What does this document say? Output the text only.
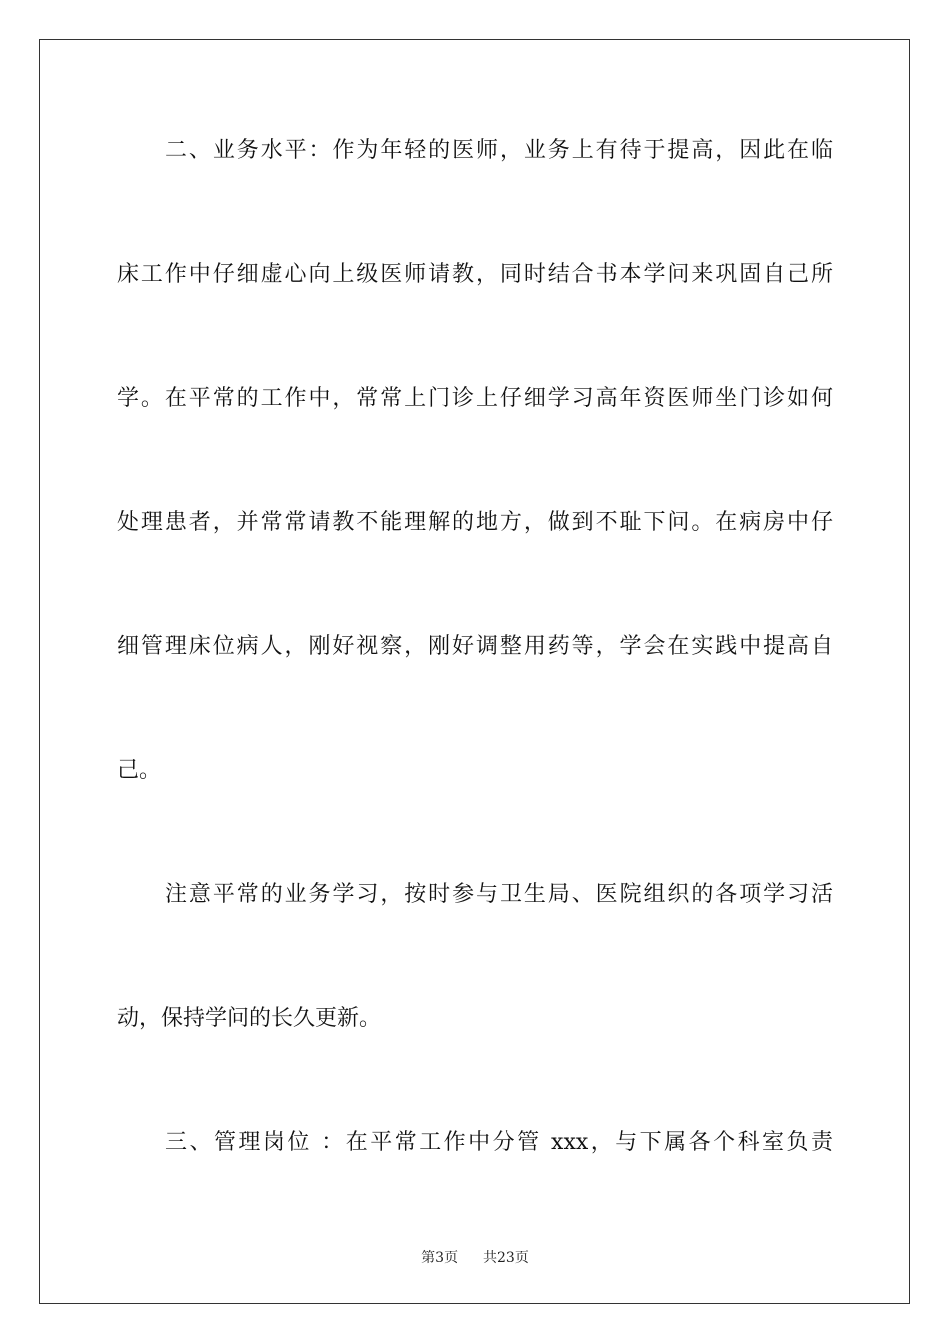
二、业务水平：作为年轻的医师，业务上有待于提高，因此在临
床工作中仔细虚心向上级医师请教，同时结合书本学问来巩固自己所
学。在平常的工作中，常常上门诊上仔细学习高年资医师坐门诊如何
处理患者，并常常请教不能理解的地方，做到不耻下问。在病房中仔
细管理床位病人，刚好视察，刚好调整用药等，学会在实践中提高自
己。
注意平常的业务学习，按时参与卫生局、医院组织的各项学习活
动，保持学问的长久更新。
三、管理岗位 ：在平常工作中分管 xxx，与下属各个科室负责
第3页 共23页
